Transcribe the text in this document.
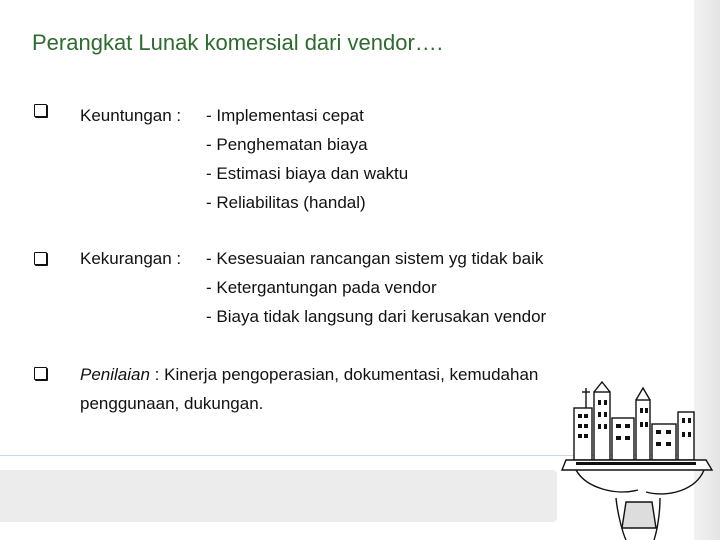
Perangkat Lunak komersial dari vendor….
Keuntungan : - Implementasi cepat
- Penghematan biaya
- Estimasi biaya dan waktu
- Reliabilitas (handal)
Kekurangan : - Kesesuaian rancangan sistem yg tidak baik
- Ketergantungan pada vendor
- Biaya tidak langsung dari kerusakan vendor
Penilaian : Kinerja pengoperasian, dokumentasi, kemudahan penggunaan, dukungan.
